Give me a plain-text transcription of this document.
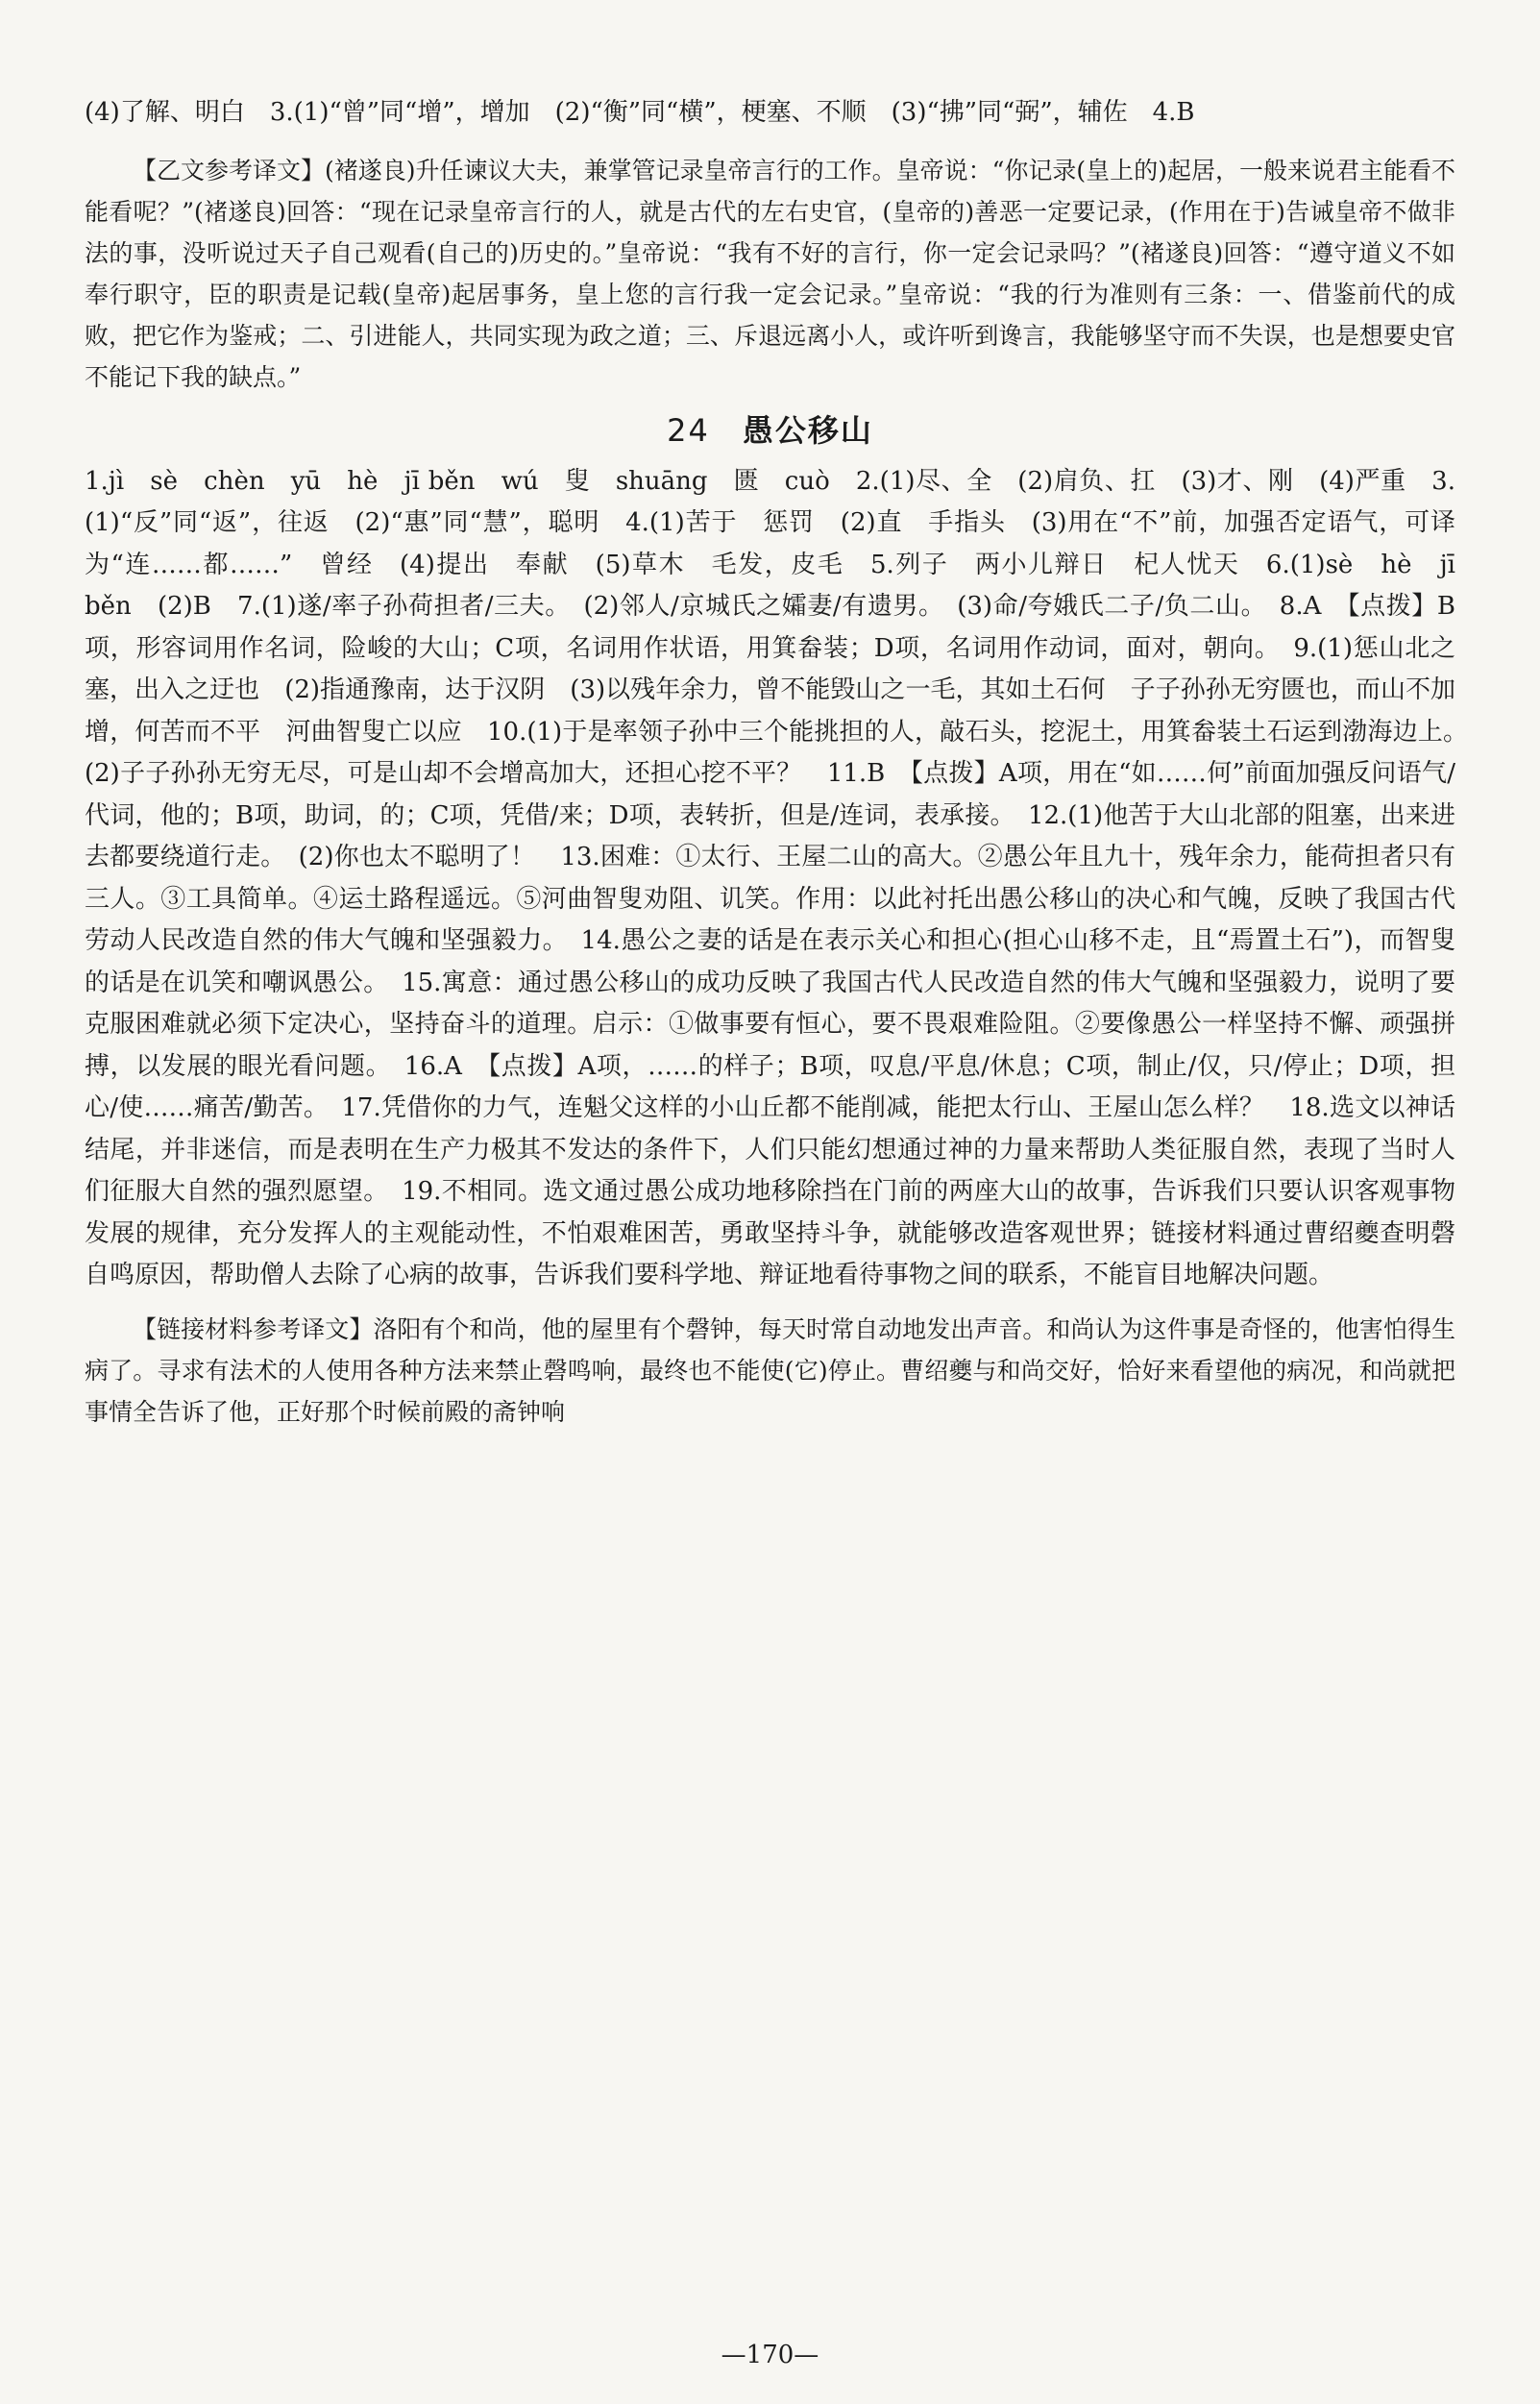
(4)了解、明白　3.(1)“曾”同“增”，增加　(2)“衡”同“横”，梗塞、不顺　(3)“拂”同“弼”，辅佐　4.B

【乙文参考译文】(褚遂良)升任谏议大夫，兼掌管记录皇帝言行的工作。皇帝说：“你记录(皇上的)起居，一般来说君主能看不能看呢？”(褚遂良)回答：“现在记录皇帝言行的人，就是古代的左右史官，(皇帝的)善恶一定要记录，(作用在于)告诫皇帝不做非法的事，没听说过天子自己观看(自己的)历史的。”皇帝说：“我有不好的言行，你一定会记录吗？”(褚遂良)回答：“遵守道义不如奉行职守，臣的职责是记载(皇帝)起居事务，皇上您的言行我一定会记录。”皇帝说：“我的行为准则有三条：一、借鉴前代的成败，把它作为鉴戒；二、引进能人，共同实现为政之道；三、斥退远离小人，或许听到谗言，我能够坚守而不失误，也是想要史官不能记下我的缺点。”

24 愚公移山

1.jì　sè　chèn　yū　hè　jī běn　wú　叟　shuāng　匮　cuò　2.(1)尽、全　(2)肩负、扛　(3)才、刚　(4)严重　3.(1)“反”同“返”，往返　(2)“惠”同“慧”，聪明　4.(1)苦于　惩罚　(2)直　手指头　(3)用在“不”前，加强否定语气，可译为“连……都……”　曾经　(4)提出　奉献　(5)草木　毛发，皮毛　5.列子　两小儿辩日　杞人忧天　6.(1)sè　hè　jī　běn　(2)B　7.(1)遂/率子孙荷担者/三夫。　(2)邻人/京城氏之孀妻/有遗男。　(3)命/夸娥氏二子/负二山。　8.A　【点拨】B项，形容词用作名词，险峻的大山；C项，名词用作状语，用箕畚装；D项，名词用作动词，面对，朝向。　9.(1)惩山北之塞，出入之迂也　(2)指通豫南，达于汉阴　(3)以残年余力，曾不能毁山之一毛，其如土石何　子子孙孙无穷匮也，而山不加增，何苦而不平　河曲智叟亡以应　10.(1)于是率领子孙中三个能挑担的人，敲石头，挖泥土，用箕畚装土石运到渤海边上。　(2)子子孙孙无穷无尽，可是山却不会增高加大，还担心挖不平？　11.B　【点拨】A项，用在“如……何”前面加强反问语气/代词，他的；B项，助词，的；C项，凭借/来；D项，表转折，但是/连词，表承接。　12.(1)他苦于大山北部的阻塞，出来进去都要绕道行走。　(2)你也太不聪明了！　13.困难：①太行、王屋二山的高大。②愚公年且九十，残年余力，能荷担者只有三人。③工具简单。④运土路程遥远。⑤河曲智叟劝阻、讥笑。作用：以此衬托出愚公移山的决心和气魄，反映了我国古代劳动人民改造自然的伟大气魄和坚强毅力。　14.愚公之妻的话是在表示关心和担心(担心山移不走，且“焉置土石”)，而智叟的话是在讥笑和嘲讽愚公。　15.寓意：通过愚公移山的成功反映了我国古代人民改造自然的伟大气魄和坚强毅力，说明了要克服困难就必须下定决心，坚持奋斗的道理。启示：①做事要有恒心，要不畏艰难险阻。②要像愚公一样坚持不懈、顽强拼搏，以发展的眼光看问题。　16.A　【点拨】A项，……的样子；B项，叹息/平息/休息；C项，制止/仅，只/停止；D项，担心/使……痛苦/勤苦。　17.凭借你的力气，连魁父这样的小山丘都不能削减，能把太行山、王屋山怎么样？　18.选文以神话结尾，并非迷信，而是表明在生产力极其不发达的条件下，人们只能幻想通过神的力量来帮助人类征服自然，表现了当时人们征服大自然的强烈愿望。　19.不相同。选文通过愚公成功地移除挡在门前的两座大山的故事，告诉我们只要认识客观事物发展的规律，充分发挥人的主观能动性，不怕艰难困苦，勇敢坚持斗争，就能够改造客观世界；链接材料通过曹绍夔查明磬自鸣原因，帮助僧人去除了心病的故事，告诉我们要科学地、辩证地看待事物之间的联系，不能盲目地解决问题。

【链接材料参考译文】洛阳有个和尚，他的屋里有个磬钟，每天时常自动地发出声音。和尚认为这件事是奇怪的，他害怕得生病了。寻求有法术的人使用各种方法来禁止磬鸣响，最终也不能使(它)停止。曹绍夔与和尚交好，恰好来看望他的病况，和尚就把事情全告诉了他，正好那个时候前殿的斋钟响

—170—
